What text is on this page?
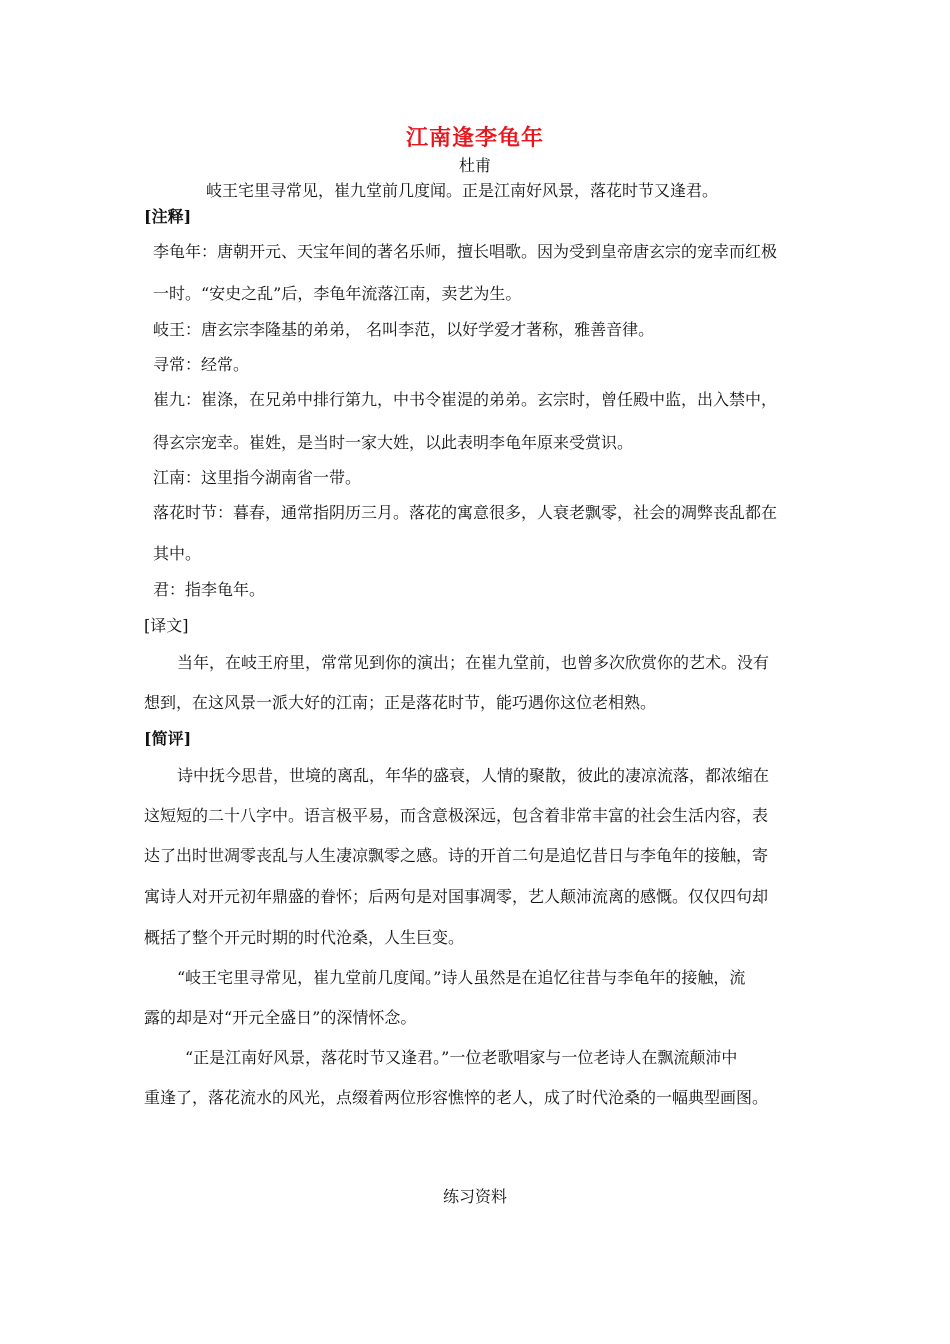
江南逢李龟年
杜甫
岐王宅里寻常见，崔九堂前几度闻。正是江南好风景，落花时节又逢君。
[注释]
李龟年：唐朝开元、天宝年间的著名乐师，擅长唱歌。因为受到皇帝唐玄宗的宠幸而红极
一时。“安史之乱”后，李龟年流落江南，卖艺为生。
岐王：唐玄宗李隆基的弟弟， 名叫李范，以好学爱才著称，雅善音律。
寻常：经常。
崔九：崔涤，在兄弟中排行第九，中书令崔湜的弟弟。玄宗时，曾任殿中监，出入禁中，
得玄宗宠幸。崔姓，是当时一家大姓，以此表明李龟年原来受赏识。
江南：这里指今湖南省一带。
落花时节：暮春，通常指阴历三月。落花的寓意很多，人衰老飘零，社会的凋弊丧乱都在
其中。
君：指李龟年。
[译文]
当年，在岐王府里，常常见到你的演出；在崔九堂前，也曾多次欣赏你的艺术。没有
想到，在这风景一派大好的江南；正是落花时节，能巧遇你这位老相熟。
[简评]
诗中抚今思昔，世境的离乱，年华的盛衰，人情的聚散，彼此的凄凉流落，都浓缩在
这短短的二十八字中。语言极平易，而含意极深远，包含着非常丰富的社会生活内容，表
达了出时世凋零丧乱与人生凄凉飘零之感。诗的开首二句是追忆昔日与李龟年的接触，寄
寓诗人对开元初年鼎盛的眷怀；后两句是对国事凋零，艺人颠沛流离的感慨。仅仅四句却
概括了整个开元时期的时代沧桑，人生巨变。
“岐王宅里寻常见，崔九堂前几度闻。”诗人虽然是在追忆往昔与李龟年的接触，流
露的却是对“开元全盛日”的深情怀念。
“正是江南好风景，落花时节又逢君。”一位老歌唱家与一位老诗人在飘流颠沛中
重逢了，落花流水的风光，点缀着两位形容憔悴的老人，成了时代沧桑的一幅典型画图。
练习资料
